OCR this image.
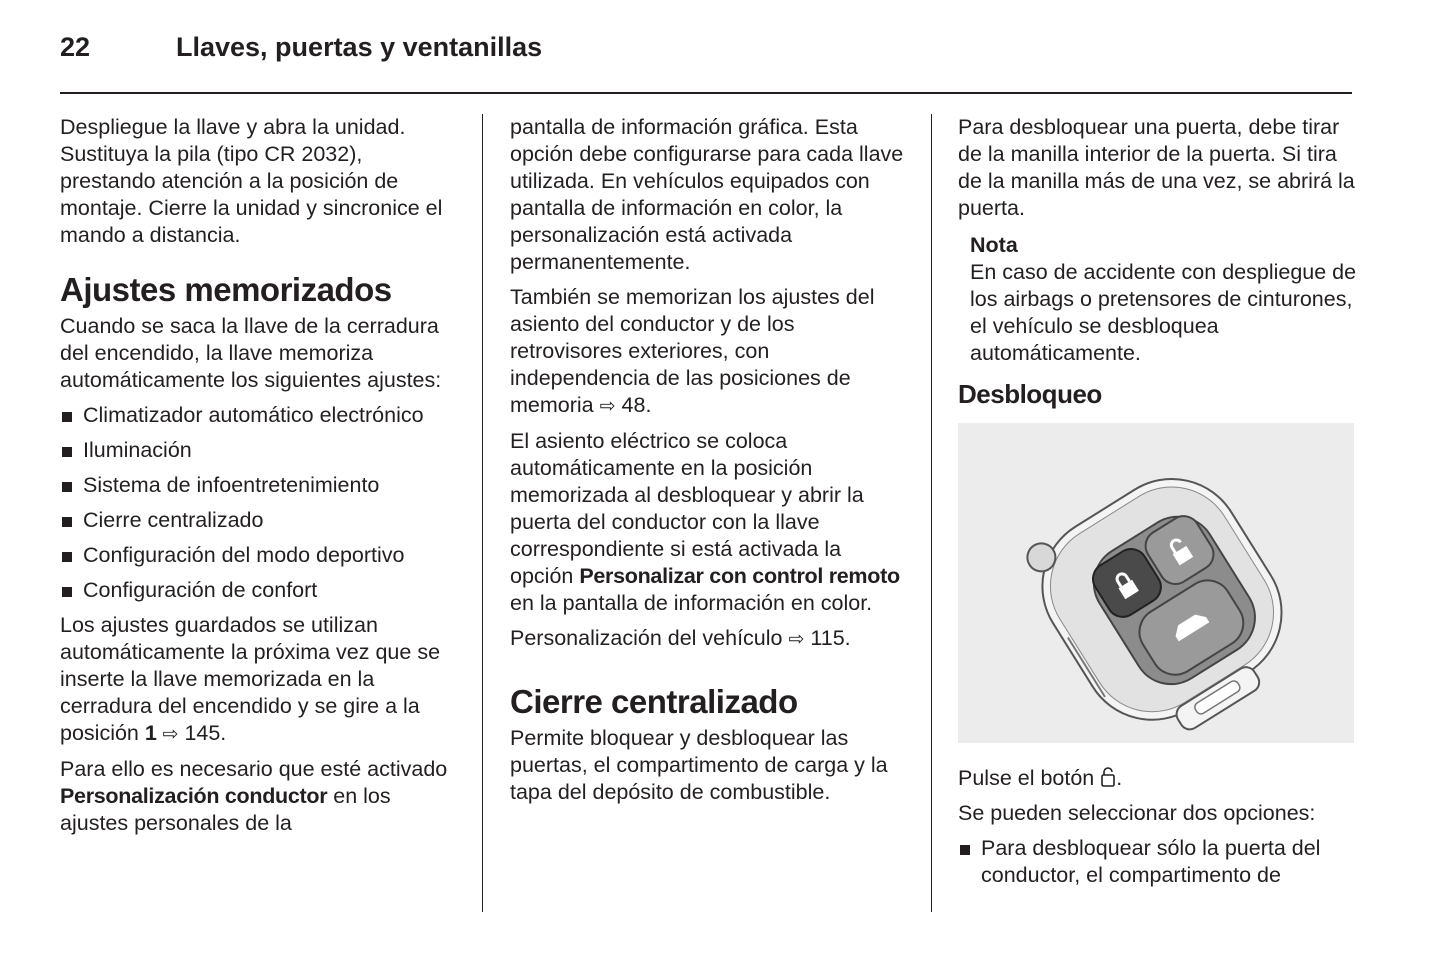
22	Llaves, puertas y ventanillas

Despliegue la llave y abra la unidad. Sustituya la pila (tipo CR 2032), prestando atención a la posición de montaje. Cierre la unidad y sincronice el mando a distancia.

Ajustes memorizados

Cuando se saca la llave de la cerradura del encendido, la llave memoriza automáticamente los siguientes ajustes:

Climatizador automático electrónico
Iluminación
Sistema de infoentretenimiento
Cierre centralizado
Configuración del modo deportivo
Configuración de confort

Los ajustes guardados se utilizan automáticamente la próxima vez que se inserte la llave memorizada en la cerradura del encendido y se gire a la posición 1 ⇨ 145.

Para ello es necesario que esté activado Personalización conductor en los ajustes personales de la

pantalla de información gráfica. Esta opción debe configurarse para cada llave utilizada. En vehículos equipados con

pantalla de información en color, la personalización está activada permanentemente.

También se memorizan los ajustes del asiento del conductor y de los retrovisores exteriores, con independencia de las posiciones de memoria ⇨ 48.

El asiento eléctrico se coloca automáticamente en la posición memorizada al desbloquear y abrir la puerta del conductor con la llave correspondiente si está activada la opción Personalizar con control remoto en la pantalla de información en color.

Personalización del vehículo ⇨ 115.

Cierre centralizado

Permite bloquear y desbloquear las puertas, el compartimento de carga y la tapa del depósito de combustible.

Para desbloquear una puerta, debe tirar de la manilla interior de la puerta. Si tira de la manilla más de una vez, se abrirá la puerta.

Nota
En caso de accidente con despliegue de los airbags o pretensores de cinturones, el vehículo se desbloquea automáticamente.
Desbloqueo

Pulse el botón .

Se pueden seleccionar dos opciones:

Para desbloquear sólo la puerta del conductor, el compartimento de
